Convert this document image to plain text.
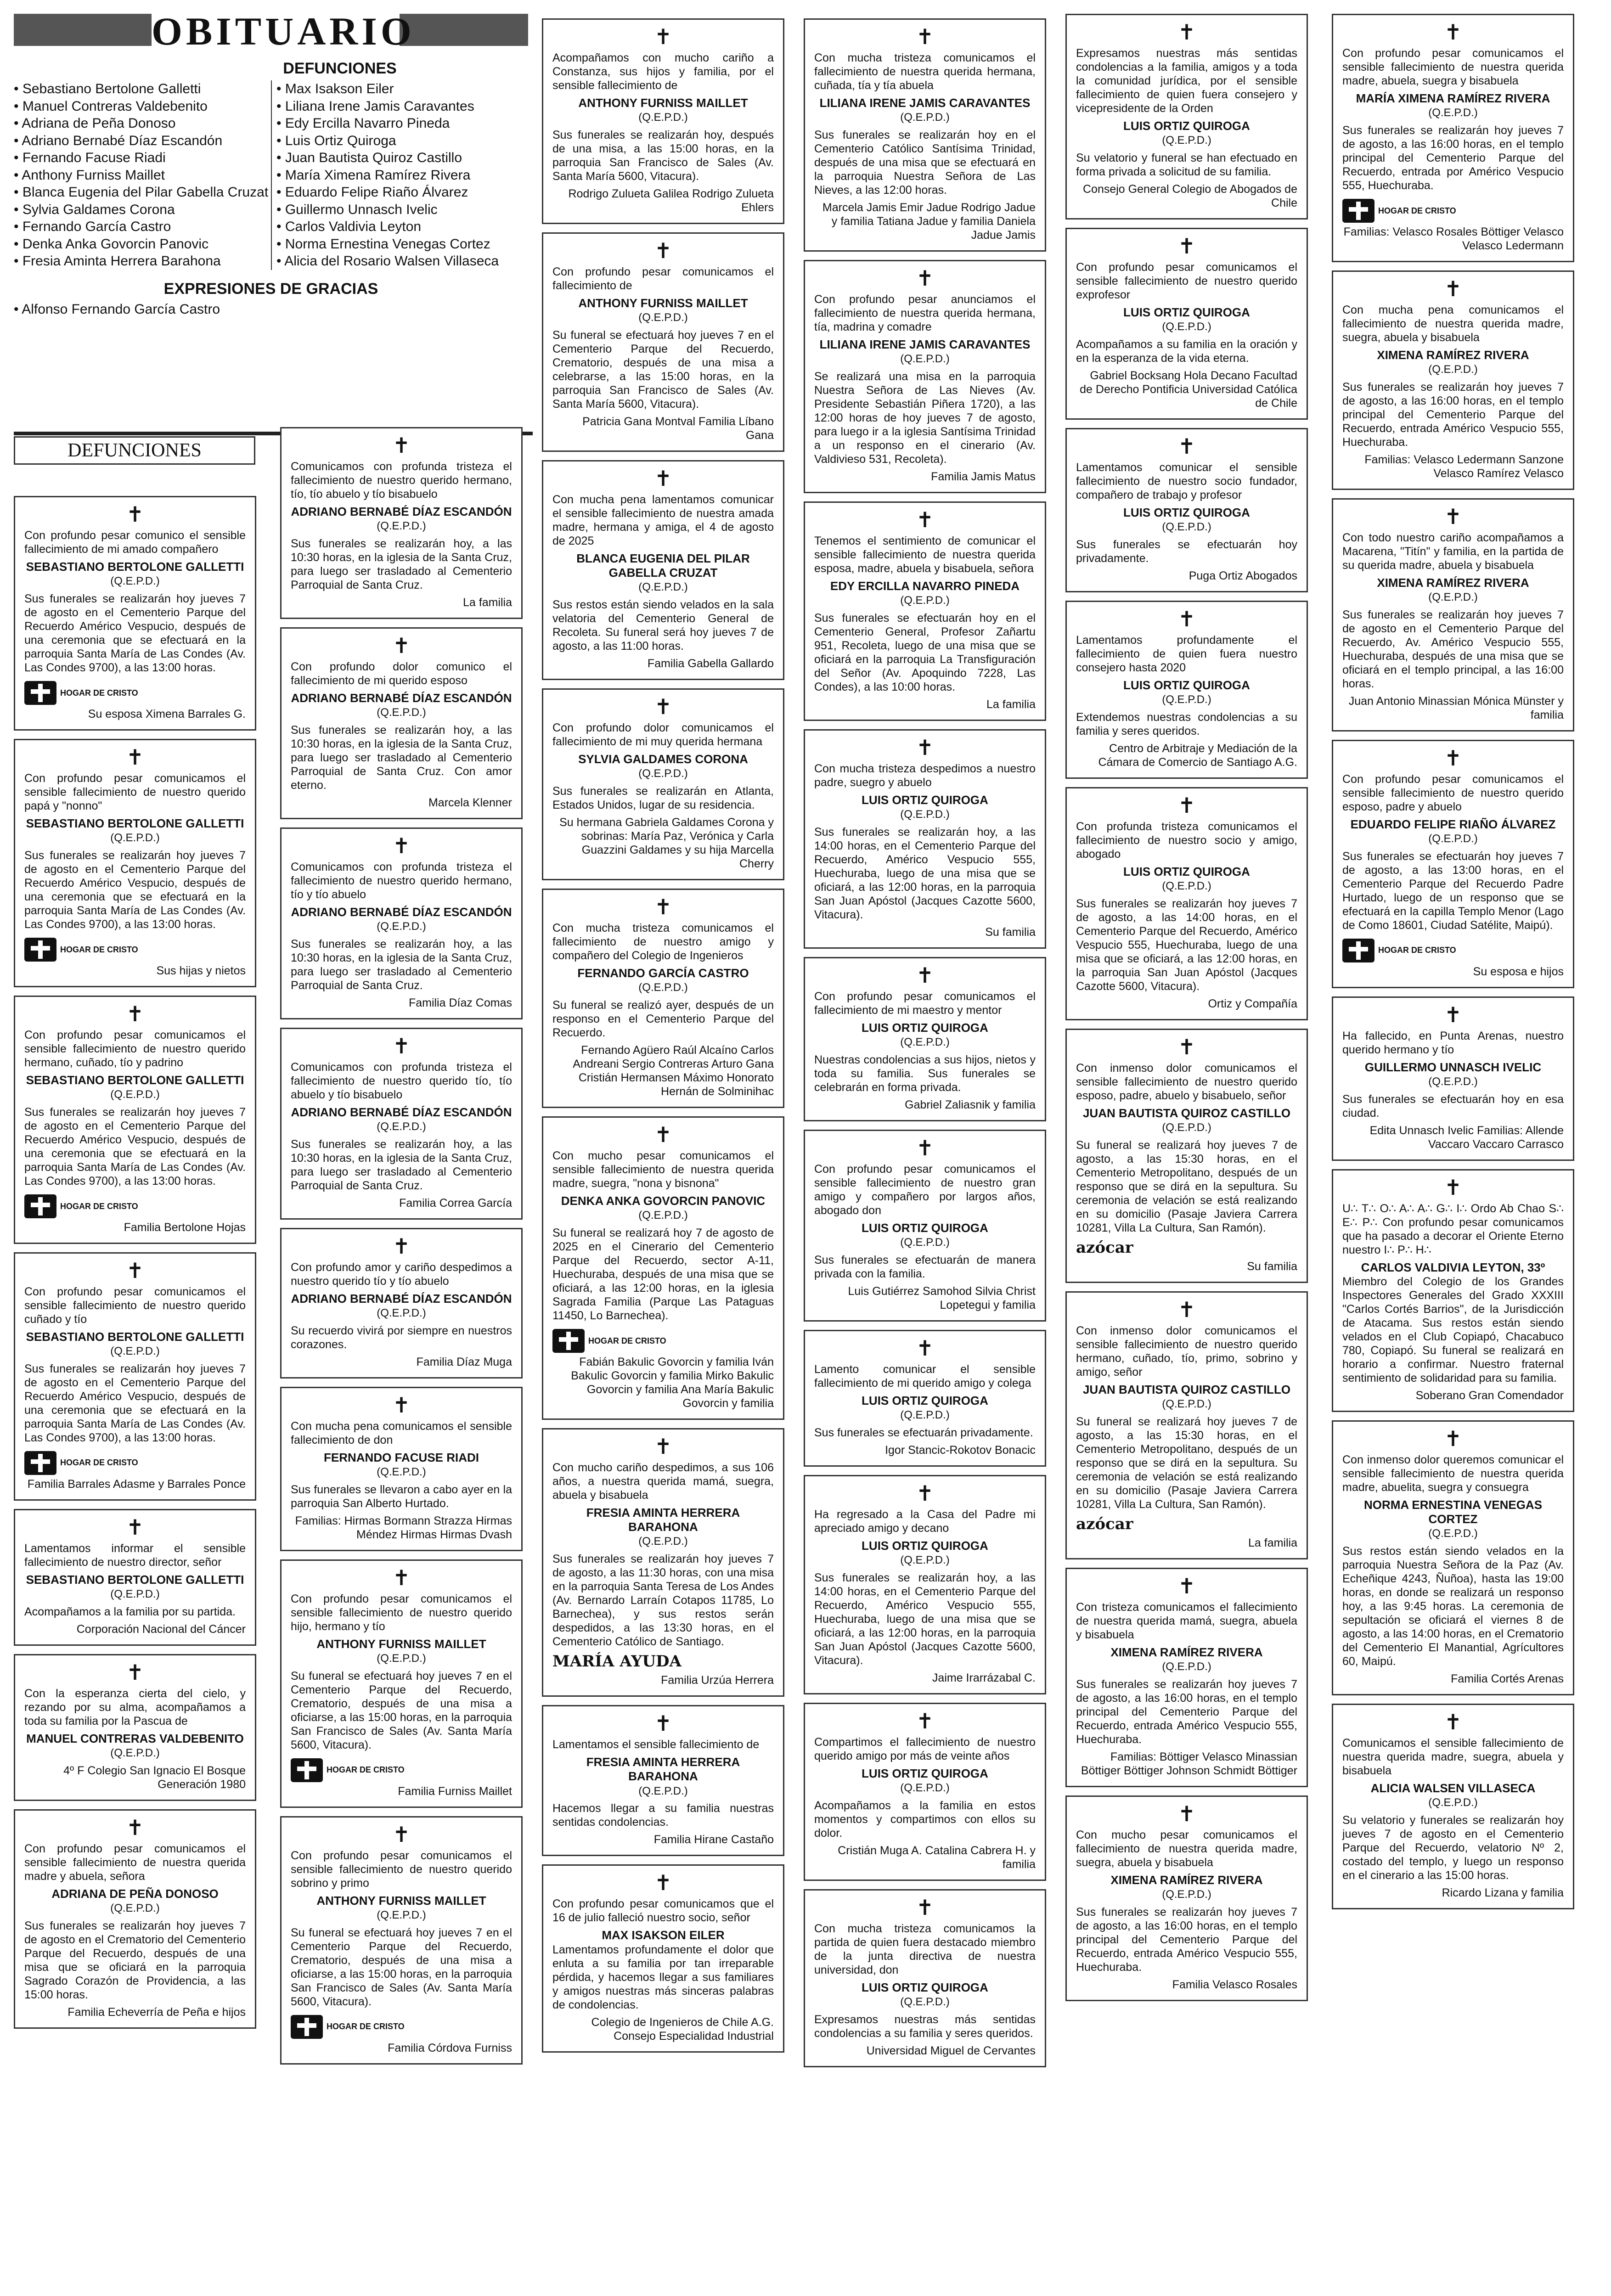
OBITUARIO
DEFUNCIONES
• Sebastiano Bertolone Galletti
• Manuel Contreras Valdebenito
• Adriana de Peña Donoso
• Adriano Bernabé Díaz Escandón
• Fernando Facuse Riadi
• Anthony Furniss Maillet
• Blanca Eugenia del Pilar Gabella Cruzat
• Sylvia Galdames Corona
• Fernando García Castro
• Denka Anka Govorcin Panovic
• Fresia Aminta Herrera Barahona
• Max Isakson Eiler
• Liliana Irene Jamis Caravantes
• Edy Ercilla Navarro Pineda
• Luis Ortiz Quiroga
• Juan Bautista Quiroz Castillo
• María Ximena Ramírez Rivera
• Eduardo Felipe Riaño Álvarez
• Guillermo Unnasch Ivelic
• Carlos Valdivia Leyton
• Norma Ernestina Venegas Cortez
• Alicia del Rosario Walsen Villaseca
EXPRESIONES DE GRACIAS
• Alfonso Fernando García Castro
DEFUNCIONES
✝

Con profundo pesar comunico el sensible fallecimiento de mi amado compañero

SEBASTIANO BERTOLONE GALLETTI

(Q.E.P.D.)

Sus funerales se realizarán hoy jueves 7 de agosto en el Cementerio Parque del Recuerdo Américo Vespucio, después de una ceremonia que se efectuará en la parroquia Santa María de Las Condes (Av. Las Condes 9700), a las 13:00 horas.

HOGAR DE CRISTO

Su esposa Ximena Barrales G.

✝

Con profundo pesar comunicamos el sensible fallecimiento de nuestro querido papá y "nonno"

SEBASTIANO BERTOLONE GALLETTI

(Q.E.P.D.)

Sus funerales se realizarán hoy jueves 7 de agosto en el Cementerio Parque del Recuerdo Américo Vespucio, después de una ceremonia que se efectuará en la parroquia Santa María de Las Condes (Av. Las Condes 9700), a las 13:00 horas.

HOGAR DE CRISTO

Sus hijas y nietos

✝

Con profundo pesar comunicamos el sensible fallecimiento de nuestro querido hermano, cuñado, tío y padrino

SEBASTIANO BERTOLONE GALLETTI

(Q.E.P.D.)

Sus funerales se realizarán hoy jueves 7 de agosto en el Cementerio Parque del Recuerdo Américo Vespucio, después de una ceremonia que se efectuará en la parroquia Santa María de Las Condes (Av. Las Condes 9700), a las 13:00 horas.

HOGAR DE CRISTO

Familia Bertolone Hojas

✝

Con profundo pesar comunicamos el sensible fallecimiento de nuestro querido cuñado y tío

SEBASTIANO BERTOLONE GALLETTI

(Q.E.P.D.)

Sus funerales se realizarán hoy jueves 7 de agosto en el Cementerio Parque del Recuerdo Américo Vespucio, después de una ceremonia que se efectuará en la parroquia Santa María de Las Condes (Av. Las Condes 9700), a las 13:00 horas.

HOGAR DE CRISTO

Familia Barrales Adasme y Barrales Ponce

✝

Lamentamos informar el sensible fallecimiento de nuestro director, señor

SEBASTIANO BERTOLONE GALLETTI

(Q.E.P.D.)

Acompañamos a la familia por su partida.

Corporación Nacional del Cáncer

✝

Con la esperanza cierta del cielo, y rezando por su alma, acompañamos a toda su familia por la Pascua de

MANUEL CONTRERAS VALDEBENITO

(Q.E.P.D.)

4º F Colegio San Ignacio El Bosque Generación 1980

✝

Con profundo pesar comunicamos el sensible fallecimiento de nuestra querida madre y abuela, señora

ADRIANA DE PEÑA DONOSO

(Q.E.P.D.)

Sus funerales se realizarán hoy jueves 7 de agosto en el Crematorio del Cementerio Parque del Recuerdo, después de una misa que se oficiará en la parroquia Sagrado Corazón de Providencia, a las 15:00 horas.

Familia Echeverría de Peña e hijos

✝

Comunicamos con profunda tristeza el fallecimiento de nuestro querido hermano, tío, tío abuelo y tío bisabuelo

ADRIANO BERNABÉ DÍAZ ESCANDÓN

(Q.E.P.D.)

Sus funerales se realizarán hoy, a las 10:30 horas, en la iglesia de la Santa Cruz, para luego ser trasladado al Cementerio Parroquial de Santa Cruz.

La familia

✝

Con profundo dolor comunico el fallecimiento de mi querido esposo

ADRIANO BERNABÉ DÍAZ ESCANDÓN

(Q.E.P.D.)

Sus funerales se realizarán hoy, a las 10:30 horas, en la iglesia de la Santa Cruz, para luego ser trasladado al Cementerio Parroquial de Santa Cruz. Con amor eterno.

Marcela Klenner

✝

Comunicamos con profunda tristeza el fallecimiento de nuestro querido hermano, tío y tío abuelo

ADRIANO BERNABÉ DÍAZ ESCANDÓN

(Q.E.P.D.)

Sus funerales se realizarán hoy, a las 10:30 horas, en la iglesia de la Santa Cruz, para luego ser trasladado al Cementerio Parroquial de Santa Cruz.

Familia Díaz Comas

✝

Comunicamos con profunda tristeza el fallecimiento de nuestro querido tío, tío abuelo y tío bisabuelo

ADRIANO BERNABÉ DÍAZ ESCANDÓN

(Q.E.P.D.)

Sus funerales se realizarán hoy, a las 10:30 horas, en la iglesia de la Santa Cruz, para luego ser trasladado al Cementerio Parroquial de Santa Cruz.

Familia Correa García

✝

Con profundo amor y cariño despedimos a nuestro querido tío y tío abuelo

ADRIANO BERNABÉ DÍAZ ESCANDÓN

(Q.E.P.D.)

Su recuerdo vivirá por siempre en nuestros corazones.

Familia Díaz Muga

✝

Con mucha pena comunicamos el sensible fallecimiento de don

FERNANDO FACUSE RIADI

(Q.E.P.D.)

Sus funerales se llevaron a cabo ayer en la parroquia San Alberto Hurtado.

Familias: Hirmas Bormann Strazza Hirmas Méndez Hirmas Hirmas Dvash

✝

Con profundo pesar comunicamos el sensible fallecimiento de nuestro querido hijo, hermano y tío

ANTHONY FURNISS MAILLET

(Q.E.P.D.)

Su funeral se efectuará hoy jueves 7 en el Cementerio Parque del Recuerdo, Crematorio, después de una misa a oficiarse, a las 15:00 horas, en la parroquia San Francisco de Sales (Av. Santa María 5600, Vitacura).

HOGAR DE CRISTO

Familia Furniss Maillet

✝

Con profundo pesar comunicamos el sensible fallecimiento de nuestro querido sobrino y primo

ANTHONY FURNISS MAILLET

(Q.E.P.D.)

Su funeral se efectuará hoy jueves 7 en el Cementerio Parque del Recuerdo, Crematorio, después de una misa a oficiarse, a las 15:00 horas, en la parroquia San Francisco de Sales (Av. Santa María 5600, Vitacura).

HOGAR DE CRISTO

Familia Córdova Furniss

✝

Acompañamos con mucho cariño a Constanza, sus hijos y familia, por el sensible fallecimiento de

ANTHONY FURNISS MAILLET

(Q.E.P.D.)

Sus funerales se realizarán hoy, después de una misa, a las 15:00 horas, en la parroquia San Francisco de Sales (Av. Santa María 5600, Vitacura).

Rodrigo Zulueta Galilea Rodrigo Zulueta Ehlers

✝

Con profundo pesar comunicamos el fallecimiento de

ANTHONY FURNISS MAILLET

(Q.E.P.D.)

Su funeral se efectuará hoy jueves 7 en el Cementerio Parque del Recuerdo, Crematorio, después de una misa a celebrarse, a las 15:00 horas, en la parroquia San Francisco de Sales (Av. Santa María 5600, Vitacura).

Patricia Gana Montval Familia Líbano Gana

✝

Con mucha pena lamentamos comunicar el sensible fallecimiento de nuestra amada madre, hermana y amiga, el 4 de agosto de 2025

BLANCA EUGENIA DEL PILAR GABELLA CRUZAT

(Q.E.P.D.)

Sus restos están siendo velados en la sala velatoria del Cementerio General de Recoleta. Su funeral será hoy jueves 7 de agosto, a las 11:00 horas.

Familia Gabella Gallardo

✝

Con profundo dolor comunicamos el fallecimiento de mi muy querida hermana

SYLVIA GALDAMES CORONA

(Q.E.P.D.)

Sus funerales se realizarán en Atlanta, Estados Unidos, lugar de su residencia.

Su hermana Gabriela Galdames Corona y sobrinas: María Paz, Verónica y Carla Guazzini Galdames y su hija Marcella Cherry

✝

Con mucha tristeza comunicamos el fallecimiento de nuestro amigo y compañero del Colegio de Ingenieros

FERNANDO GARCÍA CASTRO

(Q.E.P.D.)

Su funeral se realizó ayer, después de un responso en el Cementerio Parque del Recuerdo.

Fernando Agüero Raúl Alcaíno Carlos Andreani Sergio Contreras Arturo Gana Cristián Hermansen Máximo Honorato Hernán de Solminihac

✝

Con mucho pesar comunicamos el sensible fallecimiento de nuestra querida madre, suegra, "nona y bisnona"

DENKA ANKA GOVORCIN PANOVIC

(Q.E.P.D.)

Su funeral se realizará hoy 7 de agosto de 2025 en el Cinerario del Cementerio Parque del Recuerdo, sector A-11, Huechuraba, después de una misa que se oficiará, a las 12:00 horas, en la iglesia Sagrada Familia (Parque Las Pataguas 11450, Lo Barnechea).

HOGAR DE CRISTO

Fabián Bakulic Govorcin y familia Iván Bakulic Govorcin y familia Mirko Bakulic Govorcin y familia Ana María Bakulic Govorcin y familia

✝

Con mucho cariño despedimos, a sus 106 años, a nuestra querida mamá, suegra, abuela y bisabuela

FRESIA AMINTA HERRERA BARAHONA

(Q.E.P.D.)

Sus funerales se realizarán hoy jueves 7 de agosto, a las 11:30 horas, con una misa en la parroquia Santa Teresa de Los Andes (Av. Bernardo Larraín Cotapos 11785, Lo Barnechea), y sus restos serán despedidos, a las 13:30 horas, en el Cementerio Católico de Santiago.

MARÍA AYUDA

Familia Urzúa Herrera

✝

Lamentamos el sensible fallecimiento de

FRESIA AMINTA HERRERA BARAHONA

(Q.E.P.D.)

Hacemos llegar a su familia nuestras sentidas condolencias.

Familia Hirane Castaño

✝

Con profundo pesar comunicamos que el 16 de julio falleció nuestro socio, señor

MAX ISAKSON EILER

Lamentamos profundamente el dolor que enluta a su familia por tan irreparable pérdida, y hacemos llegar a sus familiares y amigos nuestras más sinceras palabras de condolencias.

Colegio de Ingenieros de Chile A.G. Consejo Especialidad Industrial

✝

Con mucha tristeza comunicamos el fallecimiento de nuestra querida hermana, cuñada, tía y tía abuela

LILIANA IRENE JAMIS CARAVANTES

(Q.E.P.D.)

Sus funerales se realizarán hoy en el Cementerio Católico Santísima Trinidad, después de una misa que se efectuará en la parroquia Nuestra Señora de Las Nieves, a las 12:00 horas.

Marcela Jamis Emir Jadue Rodrigo Jadue y familia Tatiana Jadue y familia Daniela Jadue Jamis

✝

Con profundo pesar anunciamos el fallecimiento de nuestra querida hermana, tía, madrina y comadre

LILIANA IRENE JAMIS CARAVANTES

(Q.E.P.D.)

Se realizará una misa en la parroquia Nuestra Señora de Las Nieves (Av. Presidente Sebastián Piñera 1720), a las 12:00 horas de hoy jueves 7 de agosto, para luego ir a la iglesia Santísima Trinidad a un responso en el cinerario (Av. Valdivieso 531, Recoleta).

Familia Jamis Matus

✝

Tenemos el sentimiento de comunicar el sensible fallecimiento de nuestra querida esposa, madre, abuela y bisabuela, señora

EDY ERCILLA NAVARRO PINEDA

(Q.E.P.D.)

Sus funerales se efectuarán hoy en el Cementerio General, Profesor Zañartu 951, Recoleta, luego de una misa que se oficiará en la parroquia La Transfiguración del Señor (Av. Apoquindo 7228, Las Condes), a las 10:00 horas.

La familia

✝

Con mucha tristeza despedimos a nuestro padre, suegro y abuelo

LUIS ORTIZ QUIROGA

(Q.E.P.D.)

Sus funerales se realizarán hoy, a las 14:00 horas, en el Cementerio Parque del Recuerdo, Américo Vespucio 555, Huechuraba, luego de una misa que se oficiará, a las 12:00 horas, en la parroquia San Juan Apóstol (Jacques Cazotte 5600, Vitacura).

Su familia

✝

Con profundo pesar comunicamos el fallecimiento de mi maestro y mentor

LUIS ORTIZ QUIROGA

(Q.E.P.D.)

Nuestras condolencias a sus hijos, nietos y toda su familia. Sus funerales se celebrarán en forma privada.

Gabriel Zaliasnik y familia

✝

Con profundo pesar comunicamos el sensible fallecimiento de nuestro gran amigo y compañero por largos años, abogado don

LUIS ORTIZ QUIROGA

(Q.E.P.D.)

Sus funerales se efectuarán de manera privada con la familia.

Luis Gutiérrez Samohod Silvia Christ Lopetegui y familia

✝

Lamento comunicar el sensible fallecimiento de mi querido amigo y colega

LUIS ORTIZ QUIROGA

(Q.E.P.D.)

Sus funerales se efectuarán privadamente.

Igor Stancic-Rokotov Bonacic

✝

Ha regresado a la Casa del Padre mi apreciado amigo y decano

LUIS ORTIZ QUIROGA

(Q.E.P.D.)

Sus funerales se realizarán hoy, a las 14:00 horas, en el Cementerio Parque del Recuerdo, Américo Vespucio 555, Huechuraba, luego de una misa que se oficiará, a las 12:00 horas, en la parroquia San Juan Apóstol (Jacques Cazotte 5600, Vitacura).

Jaime Irarrázabal C.

✝

Compartimos el fallecimiento de nuestro querido amigo por más de veinte años

LUIS ORTIZ QUIROGA

(Q.E.P.D.)

Acompañamos a la familia en estos momentos y compartimos con ellos su dolor.

Cristián Muga A. Catalina Cabrera H. y familia

✝

Con mucha tristeza comunicamos la partida de quien fuera destacado miembro de la junta directiva de nuestra universidad, don

LUIS ORTIZ QUIROGA

(Q.E.P.D.)

Expresamos nuestras más sentidas condolencias a su familia y seres queridos.

Universidad Miguel de Cervantes

✝

Expresamos nuestras más sentidas condolencias a la familia, amigos y a toda la comunidad jurídica, por el sensible fallecimiento de quien fuera consejero y vicepresidente de la Orden

LUIS ORTIZ QUIROGA

(Q.E.P.D.)

Su velatorio y funeral se han efectuado en forma privada a solicitud de su familia.

Consejo General Colegio de Abogados de Chile

✝

Con profundo pesar comunicamos el sensible fallecimiento de nuestro querido exprofesor

LUIS ORTIZ QUIROGA

(Q.E.P.D.)

Acompañamos a su familia en la oración y en la esperanza de la vida eterna.

Gabriel Bocksang Hola Decano Facultad de Derecho Pontificia Universidad Católica de Chile

✝

Lamentamos comunicar el sensible fallecimiento de nuestro socio fundador, compañero de trabajo y profesor

LUIS ORTIZ QUIROGA

(Q.E.P.D.)

Sus funerales se efectuarán hoy privadamente.

Puga Ortiz Abogados

✝

Lamentamos profundamente el fallecimiento de quien fuera nuestro consejero hasta 2020

LUIS ORTIZ QUIROGA

(Q.E.P.D.)

Extendemos nuestras condolencias a su familia y seres queridos.

Centro de Arbitraje y Mediación de la Cámara de Comercio de Santiago A.G.

✝

Con profunda tristeza comunicamos el fallecimiento de nuestro socio y amigo, abogado

LUIS ORTIZ QUIROGA

(Q.E.P.D.)

Sus funerales se realizarán hoy jueves 7 de agosto, a las 14:00 horas, en el Cementerio Parque del Recuerdo, Américo Vespucio 555, Huechuraba, luego de una misa que se oficiará, a las 12:00 horas, en la parroquia San Juan Apóstol (Jacques Cazotte 5600, Vitacura).

Ortiz y Compañía

✝

Con inmenso dolor comunicamos el sensible fallecimiento de nuestro querido esposo, padre, abuelo y bisabuelo, señor

JUAN BAUTISTA QUIROZ CASTILLO

(Q.E.P.D.)

Su funeral se realizará hoy jueves 7 de agosto, a las 15:30 horas, en el Cementerio Metropolitano, después de un responso que se dirá en la sepultura. Su ceremonia de velación se está realizando en su domicilio (Pasaje Javiera Carrera 10281, Villa La Cultura, San Ramón).

azócar

Su familia

✝

Con inmenso dolor comunicamos el sensible fallecimiento de nuestro querido hermano, cuñado, tío, primo, sobrino y amigo, señor

JUAN BAUTISTA QUIROZ CASTILLO

(Q.E.P.D.)

Su funeral se realizará hoy jueves 7 de agosto, a las 15:30 horas, en el Cementerio Metropolitano, después de un responso que se dirá en la sepultura. Su ceremonia de velación se está realizando en su domicilio (Pasaje Javiera Carrera 10281, Villa La Cultura, San Ramón).

azócar

La familia

✝

Con tristeza comunicamos el fallecimiento de nuestra querida mamá, suegra, abuela y bisabuela

XIMENA RAMÍREZ RIVERA

(Q.E.P.D.)

Sus funerales se realizarán hoy jueves 7 de agosto, a las 16:00 horas, en el templo principal del Cementerio Parque del Recuerdo, entrada Américo Vespucio 555, Huechuraba.

Familias: Böttiger Velasco Minassian Böttiger Böttiger Johnson Schmidt Böttiger

✝

Con mucho pesar comunicamos el fallecimiento de nuestra querida madre, suegra, abuela y bisabuela

XIMENA RAMÍREZ RIVERA

(Q.E.P.D.)

Sus funerales se realizarán hoy jueves 7 de agosto, a las 16:00 horas, en el templo principal del Cementerio Parque del Recuerdo, entrada Américo Vespucio 555, Huechuraba.

Familia Velasco Rosales

✝

Con profundo pesar comunicamos el sensible fallecimiento de nuestra querida madre, abuela, suegra y bisabuela

MARÍA XIMENA RAMÍREZ RIVERA

(Q.E.P.D.)

Sus funerales se realizarán hoy jueves 7 de agosto, a las 16:00 horas, en el templo principal del Cementerio Parque del Recuerdo, entrada por Américo Vespucio 555, Huechuraba.

HOGAR DE CRISTO

Familias: Velasco Rosales Böttiger Velasco Velasco Ledermann

✝

Con mucha pena comunicamos el fallecimiento de nuestra querida madre, suegra, abuela y bisabuela

XIMENA RAMÍREZ RIVERA

(Q.E.P.D.)

Sus funerales se realizarán hoy jueves 7 de agosto, a las 16:00 horas, en el templo principal del Cementerio Parque del Recuerdo, entrada Américo Vespucio 555, Huechuraba.

Familias: Velasco Ledermann Sanzone Velasco Ramírez Velasco

✝

Con todo nuestro cariño acompañamos a Macarena, "Titín" y familia, en la partida de su querida madre, abuela y bisabuela

XIMENA RAMÍREZ RIVERA

(Q.E.P.D.)

Sus funerales se realizarán hoy jueves 7 de agosto en el Cementerio Parque del Recuerdo, Av. Américo Vespucio 555, Huechuraba, después de una misa que se oficiará en el templo principal, a las 16:00 horas.

Juan Antonio Minassian Mónica Münster y familia

✝

Con profundo pesar comunicamos el sensible fallecimiento de nuestro querido esposo, padre y abuelo

EDUARDO FELIPE RIAÑO ÁLVAREZ

(Q.E.P.D.)

Sus funerales se efectuarán hoy jueves 7 de agosto, a las 13:00 horas, en el Cementerio Parque del Recuerdo Padre Hurtado, luego de un responso que se efectuará en la capilla Templo Menor (Lago de Como 18601, Ciudad Satélite, Maipú).

HOGAR DE CRISTO

Su esposa e hijos

✝

Ha fallecido, en Punta Arenas, nuestro querido hermano y tío

GUILLERMO UNNASCH IVELIC

(Q.E.P.D.)

Sus funerales se efectuarán hoy en esa ciudad.

Edita Unnasch Ivelic Familias: Allende Vaccaro Vaccaro Carrasco

✝

U∴ T∴ O∴ A∴ A∴ G∴ I∴ Ordo Ab Chao S∴ E∴ P∴ Con profundo pesar comunicamos que ha pasado a decorar el Oriente Eterno nuestro I∴ P∴ H∴

CARLOS VALDIVIA LEYTON, 33º

Miembro del Colegio de los Grandes Inspectores Generales del Grado XXXIII "Carlos Cortés Barrios", de la Jurisdicción de Atacama. Sus restos están siendo velados en el Club Copiapó, Chacabuco 780, Copiapó. Su funeral se realizará en horario a confirmar. Nuestro fraternal sentimiento de solidaridad para su familia.

Soberano Gran Comendador

✝

Con inmenso dolor queremos comunicar el sensible fallecimiento de nuestra querida madre, abuelita, suegra y consuegra

NORMA ERNESTINA VENEGAS CORTEZ

(Q.E.P.D.)

Sus restos están siendo velados en la parroquia Nuestra Señora de la Paz (Av. Echeñique 4243, Ñuñoa), hasta las 19:00 horas, en donde se realizará un responso hoy, a las 9:45 horas. La ceremonia de sepultación se oficiará el viernes 8 de agosto, a las 14:00 horas, en el Crematorio del Cementerio El Manantial, Agrícultores 60, Maipú.

Familia Cortés Arenas

✝

Comunicamos el sensible fallecimiento de nuestra querida madre, suegra, abuela y bisabuela

ALICIA WALSEN VILLASECA

(Q.E.P.D.)

Su velatorio y funerales se realizarán hoy jueves 7 de agosto en el Cementerio Parque del Recuerdo, velatorio Nº 2, costado del templo, y luego un responso en el cinerario a las 15:00 horas.

Ricardo Lizana y familia
